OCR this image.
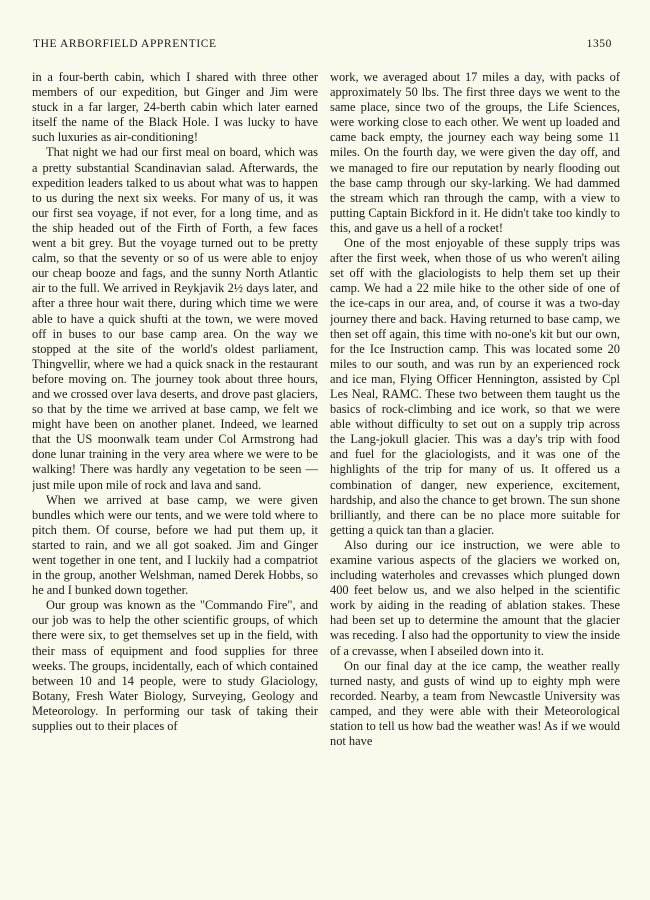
THE ARBORFIELD APPRENTICE	1350

in a four-berth cabin, which I shared with three other members of our expedition, but Ginger and Jim were stuck in a far larger, 24-berth cabin which later earned itself the name of the Black Hole. I was lucky to have such luxuries as air-conditioning!

That night we had our first meal on board, which was a pretty substantial Scandinavian salad. Afterwards, the expedition leaders talked to us about what was to happen to us during the next six weeks. For many of us, it was our first sea voyage, if not ever, for a long time, and as the ship headed out of the Firth of Forth, a few faces went a bit grey. But the voyage turned out to be pretty calm, so that the seventy or so of us were able to enjoy our cheap booze and fags, and the sunny North Atlantic air to the full. We arrived in Reykjavik 2½ days later, and after a three hour wait there, during which time we were able to have a quick shufti at the town, we were moved off in buses to our base camp area. On the way we stopped at the site of the world's oldest parliament, Thingvellir, where we had a quick snack in the restaurant before moving on. The journey took about three hours, and we crossed over lava deserts, and drove past glaciers, so that by the time we arrived at base camp, we felt we might have been on another planet. Indeed, we learned that the US moonwalk team under Col Armstrong had done lunar training in the very area where we were to be walking! There was hardly any vegetation to be seen — just mile upon mile of rock and lava and sand.

When we arrived at base camp, we were given bundles which were our tents, and we were told where to pitch them. Of course, before we had put them up, it started to rain, and we all got soaked. Jim and Ginger went together in one tent, and I luckily had a compatriot in the group, another Welshman, named Derek Hobbs, so he and I bunked down together.

Our group was known as the "Commando Fire", and our job was to help the other scientific groups, of which there were six, to get themselves set up in the field, with their mass of equipment and food supplies for three weeks. The groups, incidentally, each of which contained between 10 and 14 people, were to study Glaciology, Botany, Fresh Water Biology, Surveying, Geology and Meteorology. In performing our task of taking their supplies out to their places of

work, we averaged about 17 miles a day, with packs of approximately 50 lbs. The first three days we went to the same place, since two of the groups, the Life Sciences, were working close to each other. We went up loaded and came back empty, the journey each way being some 11 miles. On the fourth day, we were given the day off, and we managed to fire our reputation by nearly flooding out the base camp through our sky-larking. We had dammed the stream which ran through the camp, with a view to putting Captain Bickford in it. He didn't take too kindly to this, and gave us a hell of a rocket!

One of the most enjoyable of these supply trips was after the first week, when those of us who weren't ailing set off with the glaciologists to help them set up their camp. We had a 22 mile hike to the other side of one of the ice-caps in our area, and, of course it was a two-day journey there and back. Having returned to base camp, we then set off again, this time with no-one's kit but our own, for the Ice Instruction camp. This was located some 20 miles to our south, and was run by an experienced rock and ice man, Flying Officer Hennington, assisted by Cpl Les Neal, RAMC. These two between them taught us the basics of rock-climbing and ice work, so that we were able without difficulty to set out on a supply trip across the Lang-jokull glacier. This was a day's trip with food and fuel for the glaciologists, and it was one of the highlights of the trip for many of us. It offered us a combination of danger, new experience, excitement, hardship, and also the chance to get brown. The sun shone brilliantly, and there can be no place more suitable for getting a quick tan than a glacier.

Also during our ice instruction, we were able to examine various aspects of the glaciers we worked on, including waterholes and crevasses which plunged down 400 feet below us, and we also helped in the scientific work by aiding in the reading of ablation stakes. These had been set up to determine the amount that the glacier was receding. I also had the opportunity to view the inside of a crevasse, when I abseiled down into it.

On our final day at the ice camp, the weather really turned nasty, and gusts of wind up to eighty mph were recorded. Nearby, a team from Newcastle University was camped, and they were able with their Meteorological station to tell us how bad the weather was! As if we would not have
